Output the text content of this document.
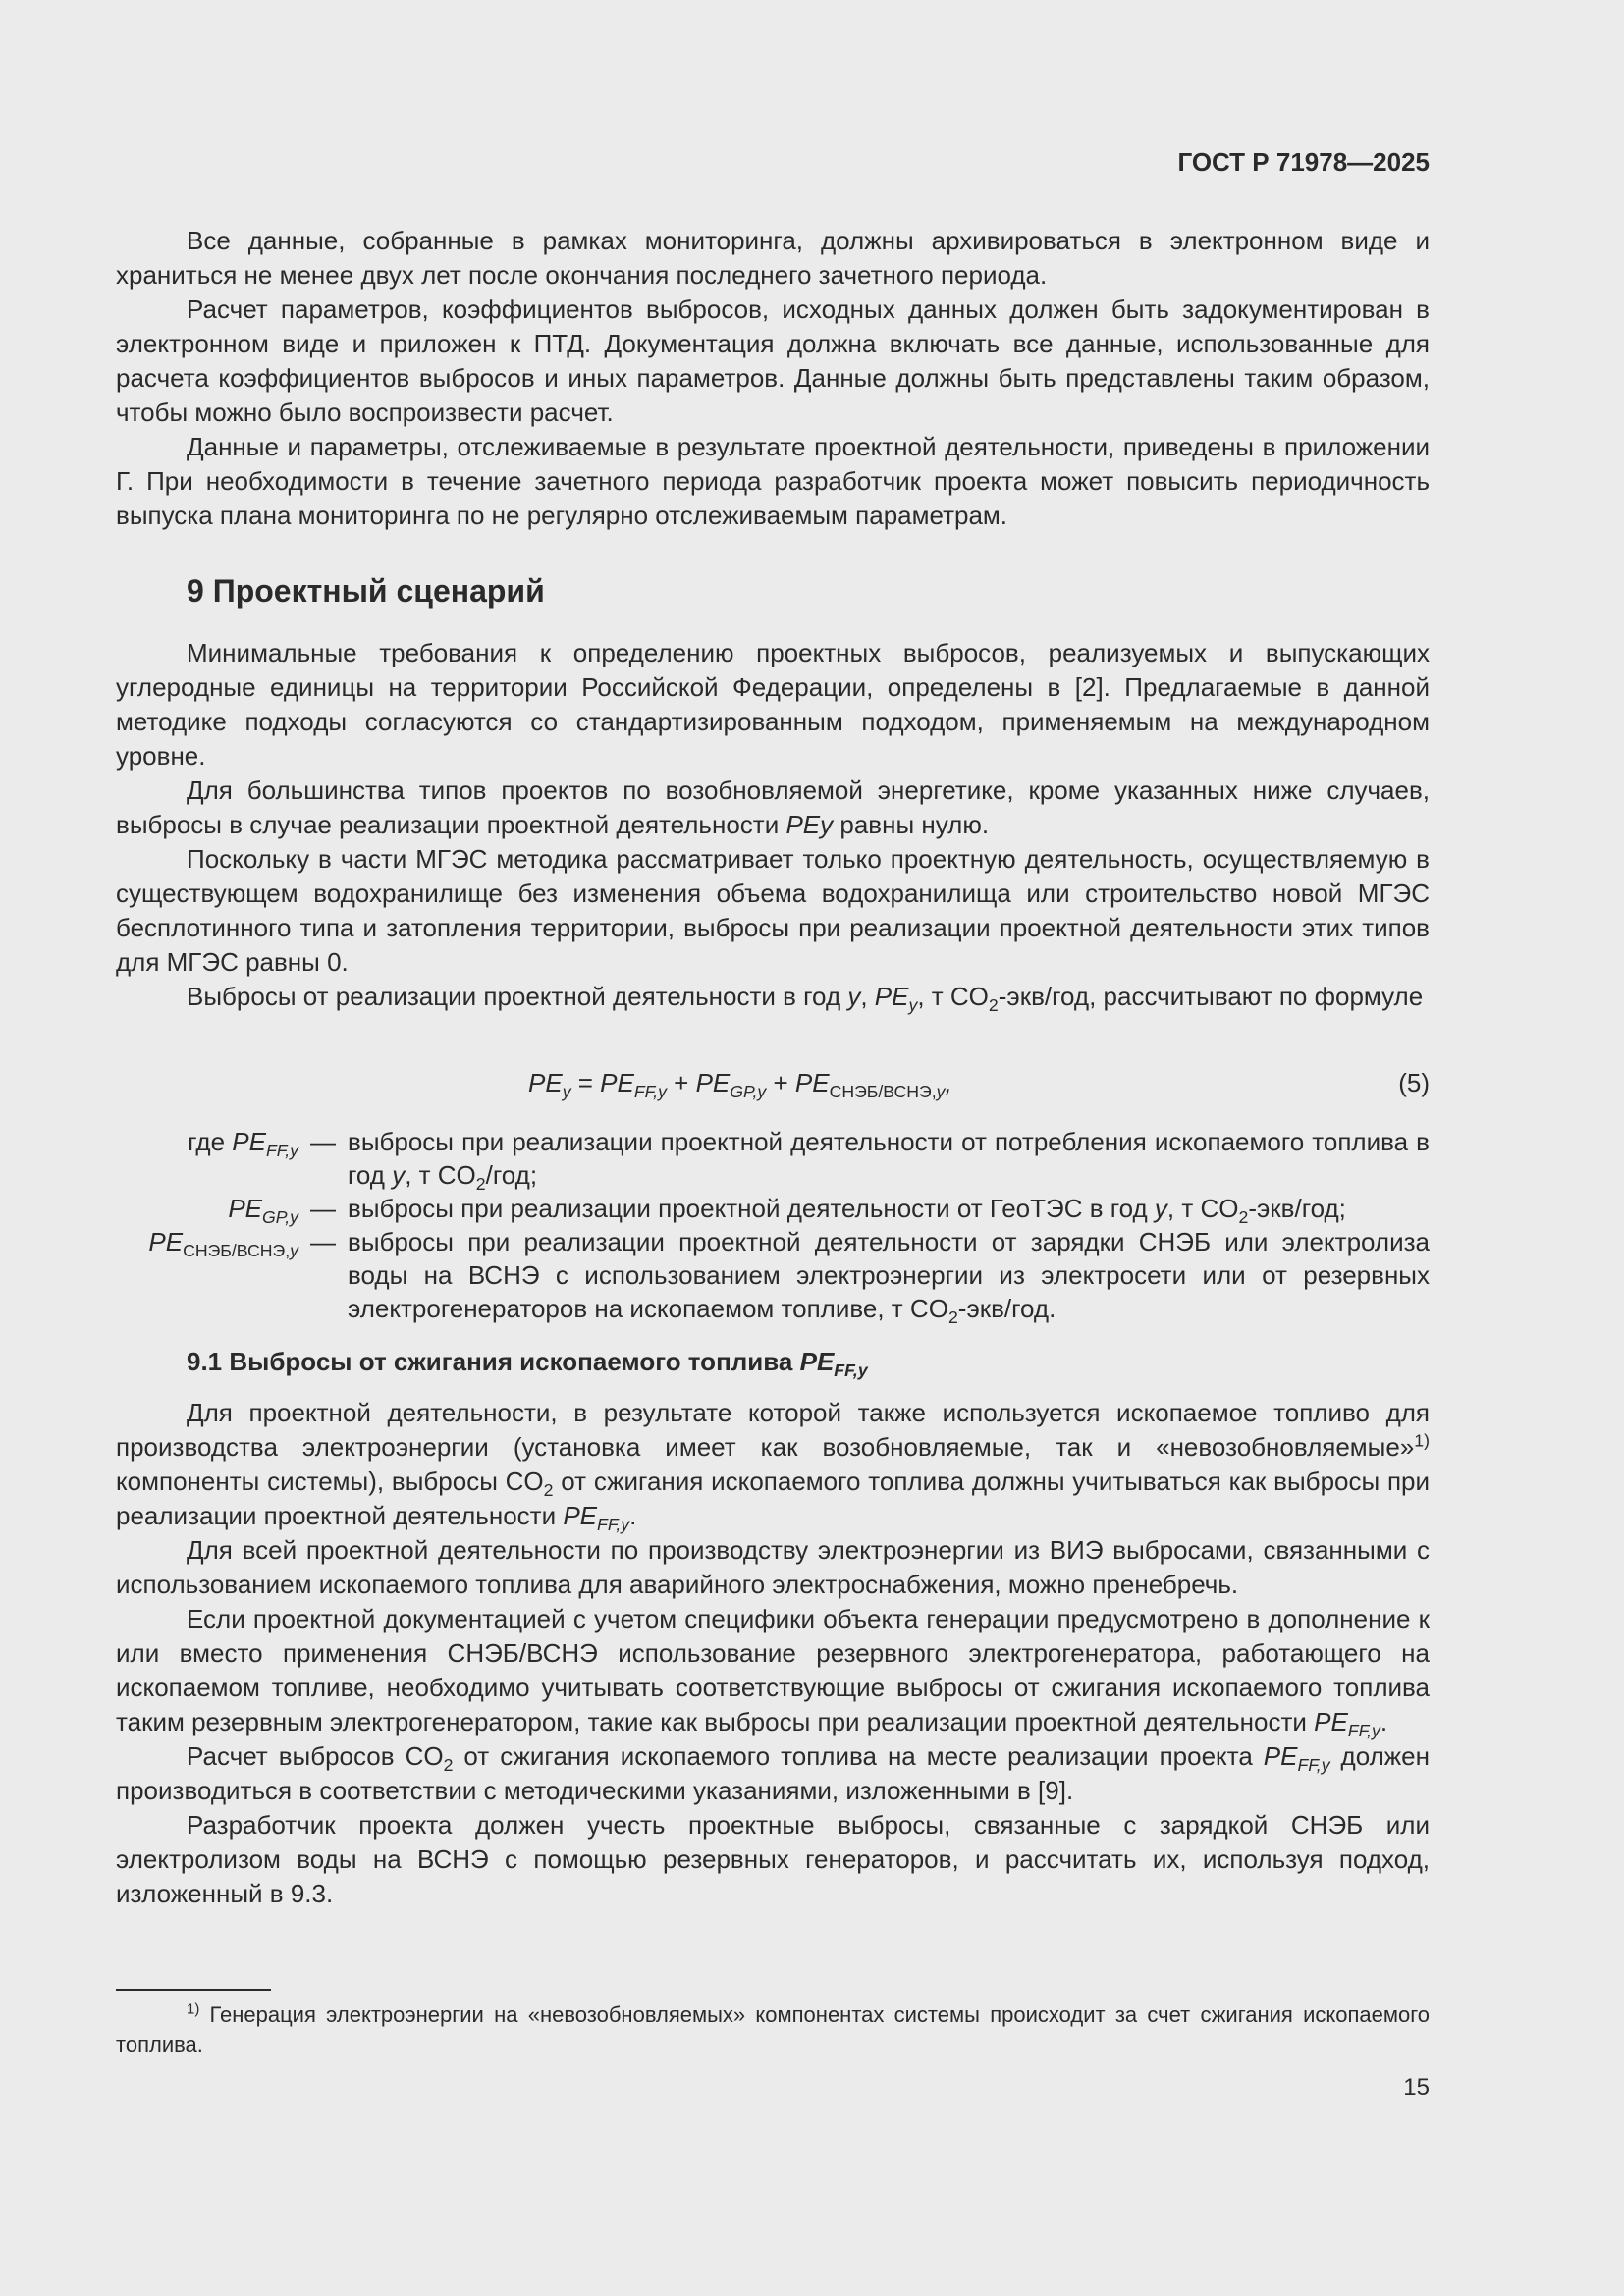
ГОСТ Р 71978—2025

Все данные, собранные в рамках мониторинга, должны архивироваться в электронном виде и храниться не менее двух лет после окончания последнего зачетного периода.

Расчет параметров, коэффициентов выбросов, исходных данных должен быть задокументирован в электронном виде и приложен к ПТД. Документация должна включать все данные, использованные для расчета коэффициентов выбросов и иных параметров. Данные должны быть представлены таким образом, чтобы можно было воспроизвести расчет.

Данные и параметры, отслеживаемые в результате проектной деятельности, приведены в приложении Г. При необходимости в течение зачетного периода разработчик проекта может повысить периодичность выпуска плана мониторинга по не регулярно отслеживаемым параметрам.

9 Проектный сценарий

Минимальные требования к определению проектных выбросов, реализуемых и выпускающих углеродные единицы на территории Российской Федерации, определены в [2]. Предлагаемые в данной методике подходы согласуются со стандартизированным подходом, применяемым на международном уровне.

Для большинства типов проектов по возобновляемой энергетике, кроме указанных ниже случаев, выбросы в случае реализации проектной деятельности PEy равны нулю.

Поскольку в части МГЭС методика рассматривает только проектную деятельность, осуществляемую в существующем водохранилище без изменения объема водохранилища или строительство новой МГЭС бесплотинного типа и затопления территории, выбросы при реализации проектной деятельности этих типов для МГЭС равны 0.

Выбросы от реализации проектной деятельности в год y, $PE_y$, т $CO_2-экв$/год, рассчитывают по формуле

$PE_y = PE_{FF,y} + PE_{GP,y} + PE_{СНЭБ/ВСНЭ,y}$,	(5)
где $PE_{FF,y}$ — выбросы при реализации проектной деятельности от потребления ископаемого топлива в год y, т $CO_2$/год;
$PE_{GP,y}$ — выбросы при реализации проектной деятельности от ГеоТЭС в год y, т $CO_2-экв$/год;
$PE_{СНЭБ/ВСНЭ,y}$ — выбросы при реализации проектной деятельности от зарядки СНЭБ или электролиза воды на ВСНЭ с использованием электроэнергии из электросети или от резервных электрогенераторов на ископаемом топливе, т $CO_2-экв$/год.
9.1 Выбросы от сжигания ископаемого топлива $PE_{FF,y}$

Для проектной деятельности, в результате которой также используется ископаемое топливо для производства электроэнергии (установка имеет как возобновляемые, так и «невозобновляемые»$^{1)}$ компоненты системы), выбросы $CO_2$ от сжигания ископаемого топлива должны учитываться как выбросы при реализации проектной деятельности $PE_{FF,y}$.

Для всей проектной деятельности по производству электроэнергии из ВИЭ выбросами, связанными с использованием ископаемого топлива для аварийного электроснабжения, можно пренебречь.

Если проектной документацией с учетом специфики объекта генерации предусмотрено в дополнение к или вместо применения СНЭБ/ВСНЭ использование резервного электрогенератора, работающего на ископаемом топливе, необходимо учитывать соответствующие выбросы от сжигания ископаемого топлива таким резервным электрогенератором, такие как выбросы при реализации проектной деятельности $PE_{FF,y}$.

Расчет выбросов $CO_2$ от сжигания ископаемого топлива на месте реализации проекта $PE_{FF,y}$ должен производиться в соответствии с методическими указаниями, изложенными в [9].

Разработчик проекта должен учесть проектные выбросы, связанные с зарядкой СНЭБ или электролизом воды на ВСНЭ с помощью резервных генераторов, и рассчитать их, используя подход, изложенный в 9.3.

$^{1)}$ Генерация электроэнергии на «невозобновляемых» компонентах системы происходит за счет сжигания ископаемого топлива.
15
